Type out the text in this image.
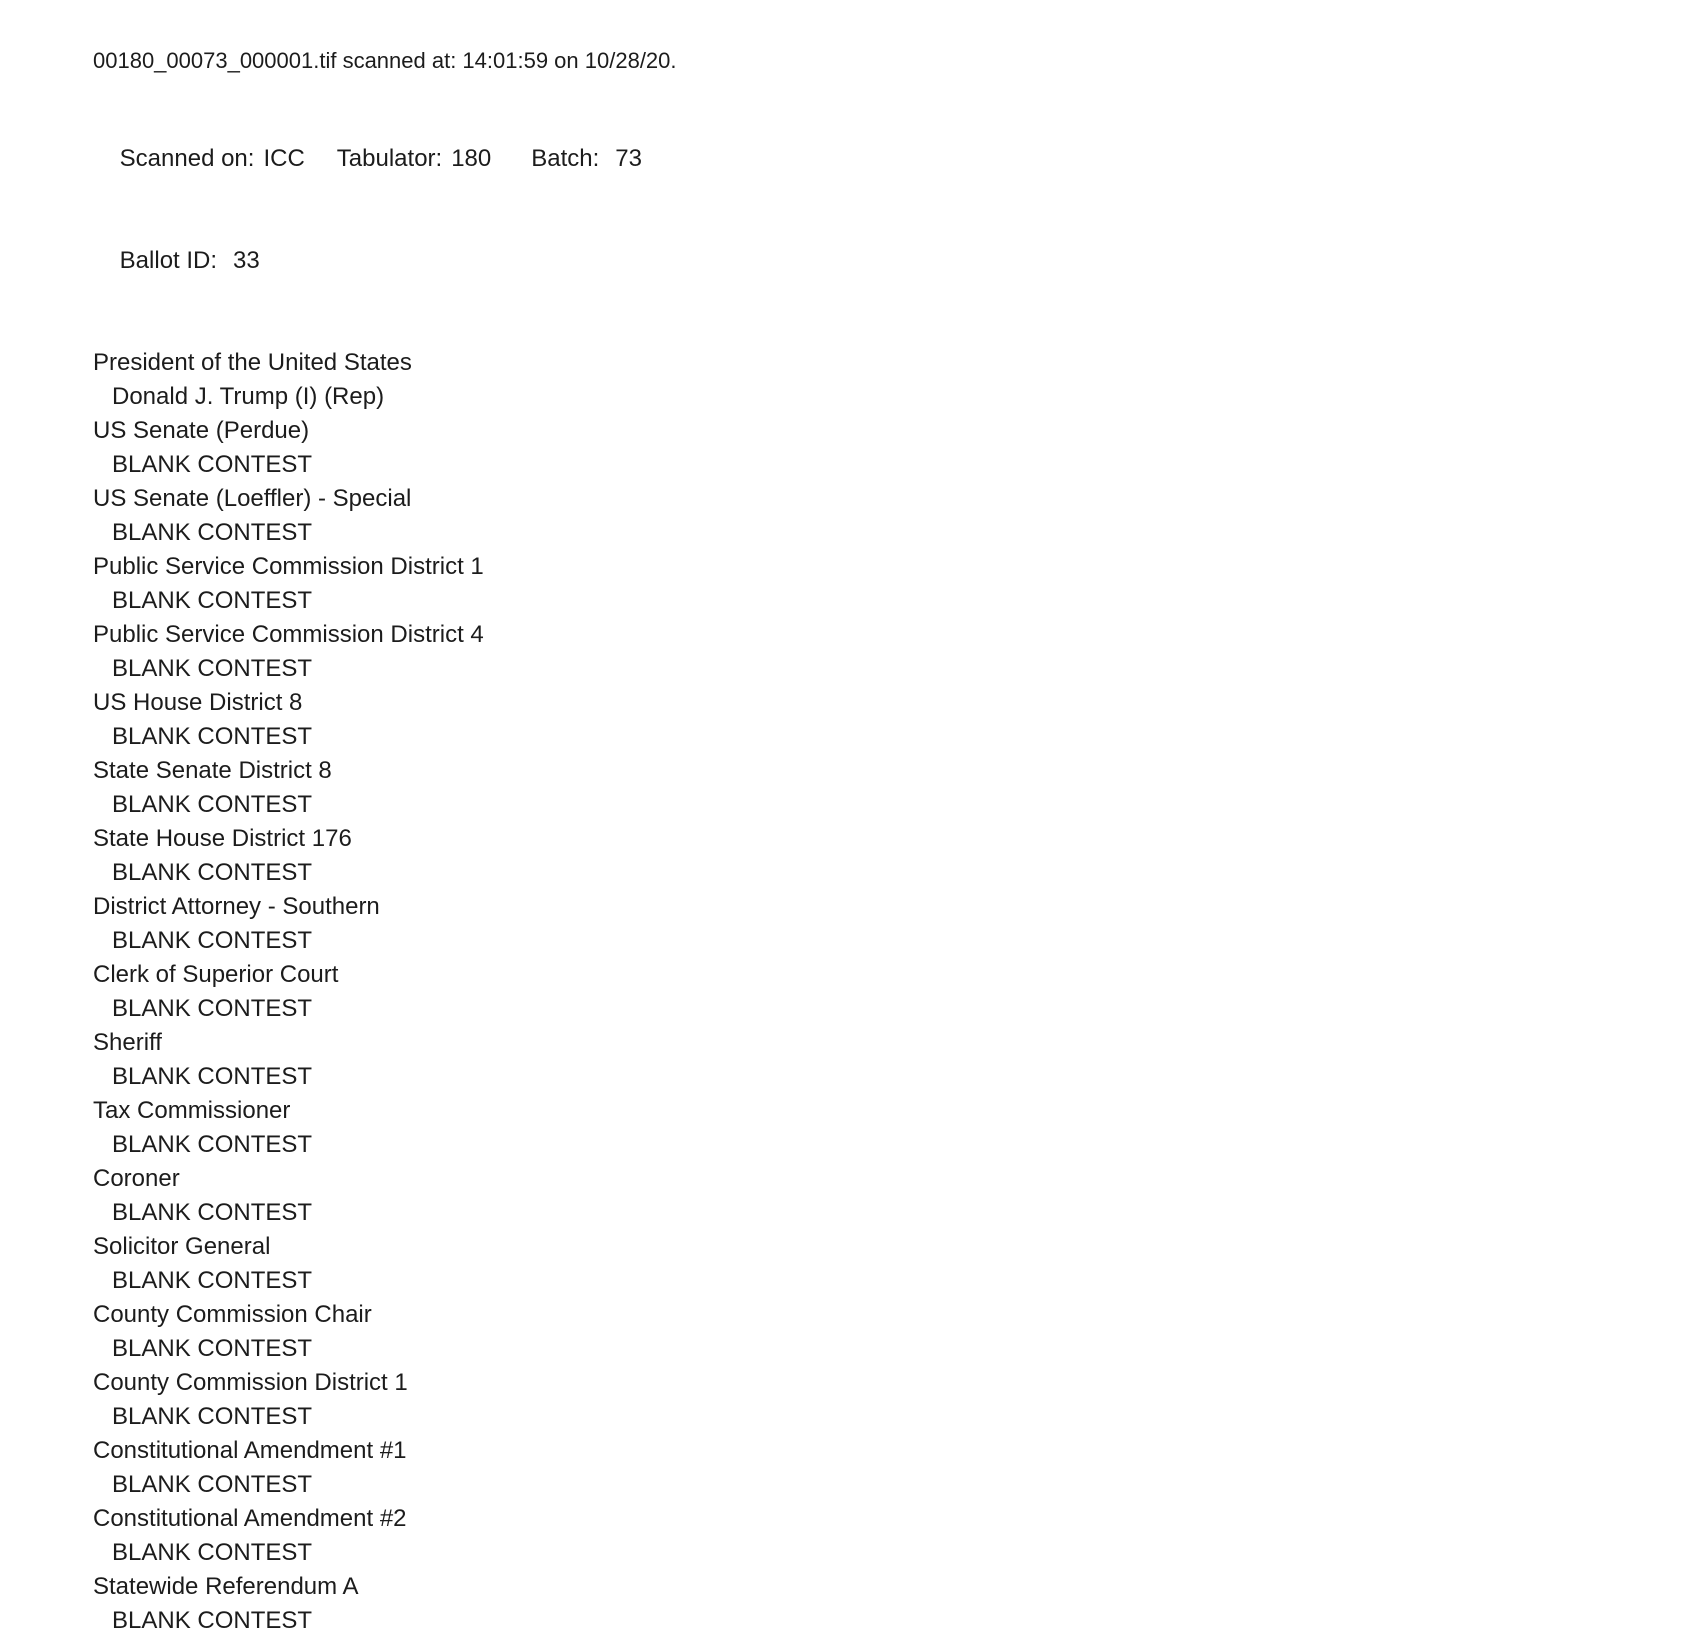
00180_00073_000001.tif scanned at: 14:01:59 on 10/28/20.

Scanned on: ICC Tabulator: 180 Batch: 73

Ballot ID: 33

President of the United States
Donald J. Trump (I) (Rep)
US Senate (Perdue)
BLANK CONTEST
US Senate (Loeffler) - Special
BLANK CONTEST
Public Service Commission District 1
BLANK CONTEST
Public Service Commission District 4
BLANK CONTEST
US House District 8
BLANK CONTEST
State Senate District 8
BLANK CONTEST
State House District 176
BLANK CONTEST
District Attorney - Southern
BLANK CONTEST
Clerk of Superior Court
BLANK CONTEST
Sheriff
BLANK CONTEST
Tax Commissioner
BLANK CONTEST
Coroner
BLANK CONTEST
Solicitor General
BLANK CONTEST
County Commission Chair
BLANK CONTEST
County Commission District 1
BLANK CONTEST
Constitutional Amendment #1
BLANK CONTEST
Constitutional Amendment #2
BLANK CONTEST
Statewide Referendum A
BLANK CONTEST
